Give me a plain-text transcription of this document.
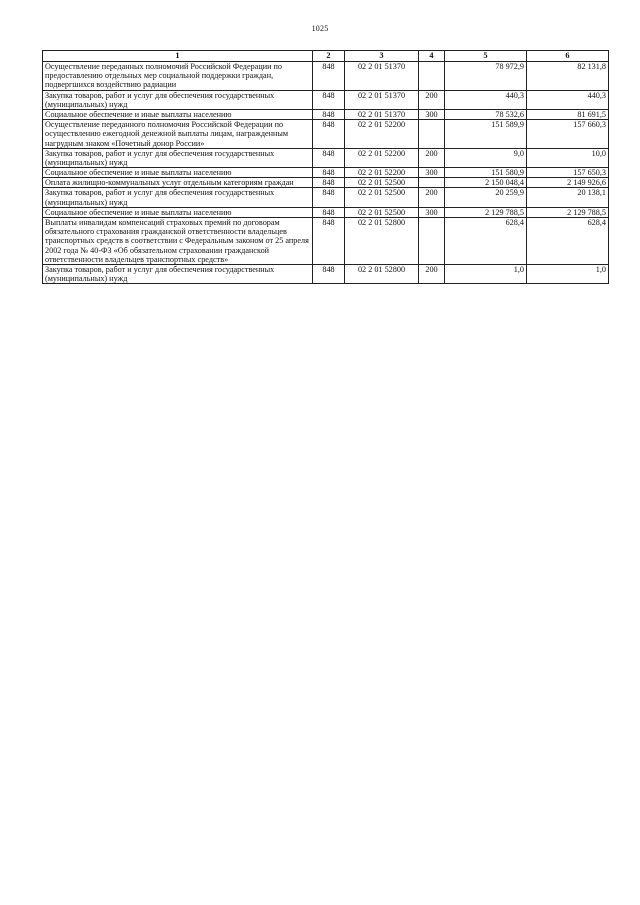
1025
1	2	3	4	5	6
Осуществление переданных полномочий Российской Федерации по предоставлению отдельных мер социальной поддержки граждан, подвергшихся воздействию радиации	848	02 2 01 51370		78 972,9	82 131,8
Закупка товаров, работ и услуг для обеспечения государственных (муниципальных) нужд	848	02 2 01 51370	200	440,3	440,3
Социальное обеспечение и иные выплаты населению	848	02 2 01 51370	300	78 532,6	81 691,5
Осуществление переданного полномочия Российской Федерации по осуществлению ежегодной денежной выплаты лицам, награжденным нагрудным знаком «Почетный донор России»	848	02 2 01 52200		151 589,9	157 660,3
Закупка товаров, работ и услуг для обеспечения государственных (муниципальных) нужд	848	02 2 01 52200	200	9,0	10,0
Социальное обеспечение и иные выплаты населению	848	02 2 01 52200	300	151 580,9	157 650,3
Оплата жилищно-коммунальных услуг отдельным категориям граждан	848	02 2 01 52500		2 150 048,4	2 149 926,6
Закупка товаров, работ и услуг для обеспечения государственных (муниципальных) нужд	848	02 2 01 52500	200	20 259,9	20 138,1
Социальное обеспечение и иные выплаты населению	848	02 2 01 52500	300	2 129 788,5	2 129 788,5
Выплаты инвалидам компенсаций страховых премий по договорам обязательного страхования гражданской ответственности владельцев транспортных средств в соответствии с Федеральным законом от 25 апреля 2002 года № 40-ФЗ «Об обязательном страховании гражданской ответственности владельцев транспортных средств»	848	02 2 01 52800		628,4	628,4
Закупка товаров, работ и услуг для обеспечения государственных (муниципальных) нужд	848	02 2 01 52800	200	1,0	1,0
